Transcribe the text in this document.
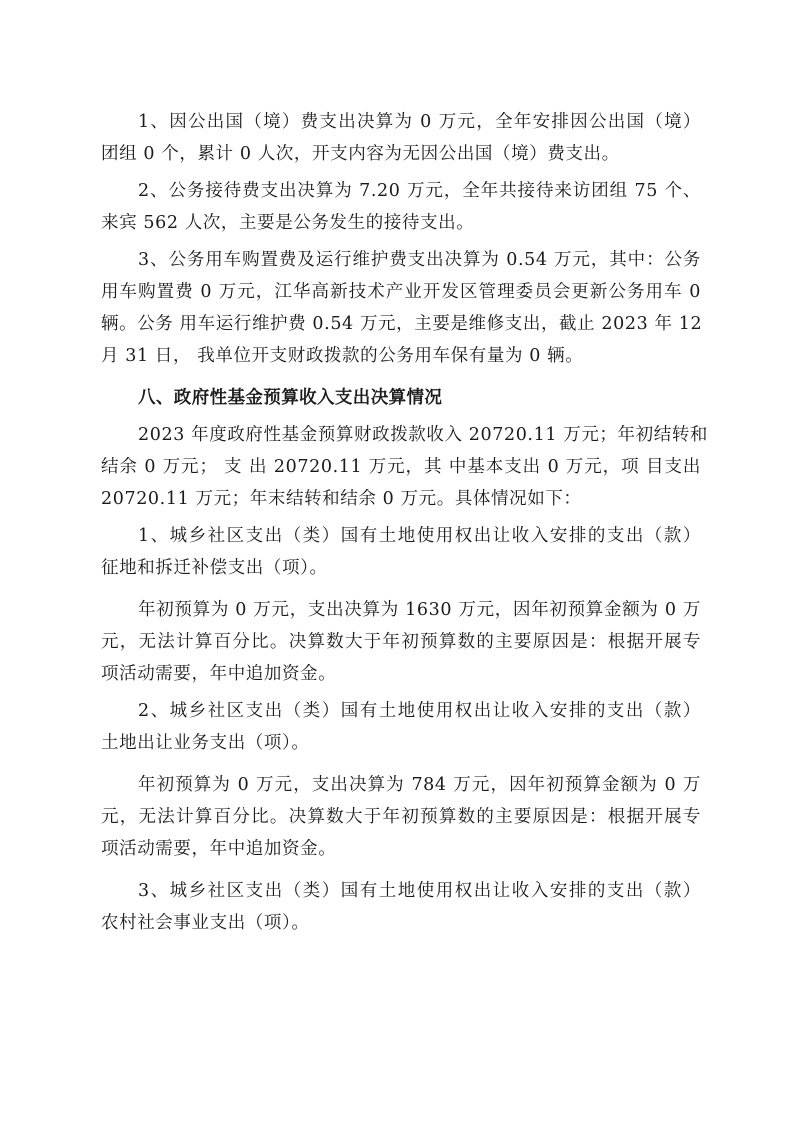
1、因公出国（境）费支出决算为 0 万元，全年安排因公出国（境）
团组 0 个，累计 0 人次，开支内容为无因公出国（境）费支出。
2、公务接待费支出决算为 7.20 万元，全年共接待来访团组 75 个、
来宾 562 人次，主要是公务发生的接待支出。
3、公务用车购置费及运行维护费支出决算为 0.54 万元，其中：公务
用车购置费 0 万元，江华高新技术产业开发区管理委员会更新公务用车 0
辆。公务 用车运行维护费 0.54 万元，主要是维修支出，截止 2023 年 12
月 31 日， 我单位开支财政拨款的公务用车保有量为 0 辆。
八、政府性基金预算收入支出决算情况
2023 年度政府性基金预算财政拨款收入 20720.11 万元；年初结转和
结余 0 万元； 支 出 20720.11 万元，其 中基本支出 0 万元，项 目支出
20720.11 万元；年末结转和结余 0 万元。具体情况如下：
1、城乡社区支出（类）国有土地使用权出让收入安排的支出（款）
征地和拆迁补偿支出（项）。
年初预算为 0 万元，支出决算为 1630 万元，因年初预算金额为 0 万
元，无法计算百分比。决算数大于年初预算数的主要原因是：根据开展专
项活动需要，年中追加资金。
2、城乡社区支出（类）国有土地使用权出让收入安排的支出（款）
土地出让业务支出（项）。
年初预算为 0 万元，支出决算为 784 万元，因年初预算金额为 0 万
元，无法计算百分比。决算数大于年初预算数的主要原因是：根据开展专
项活动需要，年中追加资金。
3、城乡社区支出（类）国有土地使用权出让收入安排的支出（款）
农村社会事业支出（项）。
